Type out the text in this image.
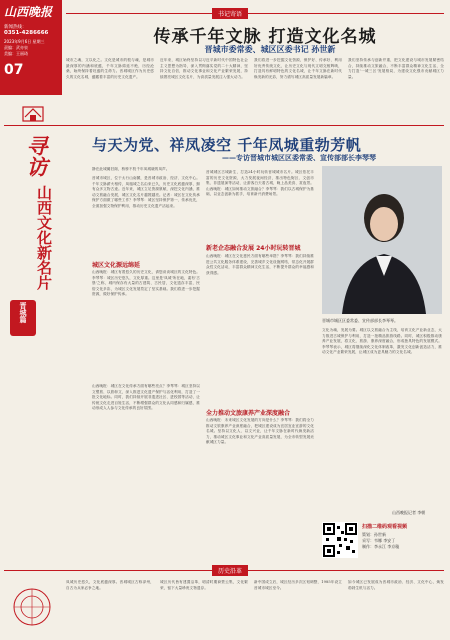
山西晚报
新闻热线：
0351-4286666
2023年9月6日 星期三
责编：武亦泉
美编：王丽琦
07
书记寄语
传承千年文脉 打造文化名城
晋城市委常委、城区区委书记 孙世新
城市之魂，文以化之。文化是城市的根与魂，是城市最深厚的内涵和底蕴，千年文脉绵延不绝，历经沧桑，始终保持着旺盛的生命力。晋城城区作为历史悠久的文化名城，蕴藏着丰富的历史文化遗产。
近年来，城区始终坚持以习近平新时代中国特色社会主义思想为指导，深入贯彻落实党的二十大精神，坚持文化自信，推动文化事业和文化产业繁荣发展，持续擦亮城区文化名片，为高质量发展注入强大动力。
我们将进一步挖掘文化资源，保护好、传承好、利用好优秀传统文化，让历史文化与现代文明交相辉映，打造具有鲜明特色的文化名城，让千年文脉在新时代焕发新的光彩，努力谱写城区高质量发展新篇章。
我们坚持传承与创新并重，把文化建设与城市发展紧密结合，持续推动文旅融合，不断丰富群众精神文化生活，全力打造'一城三区'发展格局，为建设文化强市贡献城区力量。
寻访
山西文化新名片
晋城篇
与天为党、祥凤凌空 千年凤城重勃芳帆
——专访晋城市城区区委常委、宣传部部长李琴琴
静在此城阑旧阁，桥桥不枝千年凤城晓的凤声。
城区文化源远绵延
晋城市城区，位于太行山南麓，是晋城市政治、经济、文化中心。千年文脉薪火相传，凤凰城之名由来已久，历史文化底蕴深厚，拥有众多文物古迹。近年来，城区立足资源禀赋，深挖文化内涵，推动文旅融合发展，城区文化名片越擦越亮。记者：城区在文化传承保护方面做了哪些工作？李琴琴：城区坚持保护第一、传承优先，全面加强文物保护利用，推动历史文化遗产活起来。
山西晚报：城区有着悠久的历史文化，请您谈谈城区的文化特色。李琴琴：城区历史悠久，文化厚重。这里是'凤城'所在地，素有'古堡'之称，城内保存有大量的古建筑、古民居，文化遗存丰富，民俗文化多彩，为城区文化发展奠定了坚实基础。我们将进一步挖掘资源，做好保护传承。
山西晚报：城区在文化传承方面有哪些亮点？李琴琴：城区坚持以文塑旅、以旅彰文，深入推进文化遗产保护与活化利用，打造了一批文化地标。同时，我们持续开展非遗进社区、进校园等活动，让传统文化走进百姓生活，不断增强群众的文化认同感和归属感，推动形成人人参与文化传承的良好氛围。
新老企态融合发展 24小时玩转晋城
晋城城区古城新生，打造24小时玩转晋城城市名片。城区依托丰富的历史文化资源，大力发展夜间经济，推出特色街区、文创市集、非遗展演等活动，让游客白天看古城，晚上品美食、赏夜景。山西晚报：城区如何推动文旅融合？李琴琴：我们以古城保护为基础，以业态创新为抓手，培育新兴消费场景。
山西晚报：城区在文化惠民方面有哪些举措？李琴琴：我们持续推进公共文化服务体系建设，完善城乡文化设施网络，常态化开展群众性文化活动，丰富群众精神文化生活，不断提升群众的幸福感和获得感。
全力推动文旅康养产业深度融合
山西晚报：未来城区文化发展的方向是什么？李琴琴：我们将全力推动文旅康养产业深度融合，把城区建设成为宜居宜业宜游的文化名城。坚持以文化人、以文兴业，让千年文脉在新时代焕发新活力，推动城区文化事业和文化产业高质量发展，为全市转型发展贡献城区力量。
晋城市城区区委常委、宣传部部长李琴琴。
文化为魂，发展为要。城区以文旅融合为主线，培育文化产业新业态，大力推进古城保护与利用，打造一批精品旅游线路。同时，城区积极推动康养产业发展，将文化、旅游、康养深度融合，形成独具特色的发展模式。李琴琴表示，城区将继续深化文化体制改革，激发文化创新创造活力，推动文化产业繁荣发展，让城区成为更具魅力的文化名城。
山西晚报记者 李朝
扫描二维码观看视频
策划：孙世新
采写：韦娜 李安丁
制作：李永江 李京璇
历史沿革
凤城历史悠久，文化底蕴深厚。晋城城区古称泽州，自古为兵家必争之地。
城区历代皆有建置沿革，明清时期商贾云集，文化繁荣，留下大量珍贵文物遗存。
新中国成立后，城区经历多次区划调整，1985年设立晋城市城区至今。
如今城区已发展成为晋城市政治、经济、文化中心，焕发勃勃生机与活力。
